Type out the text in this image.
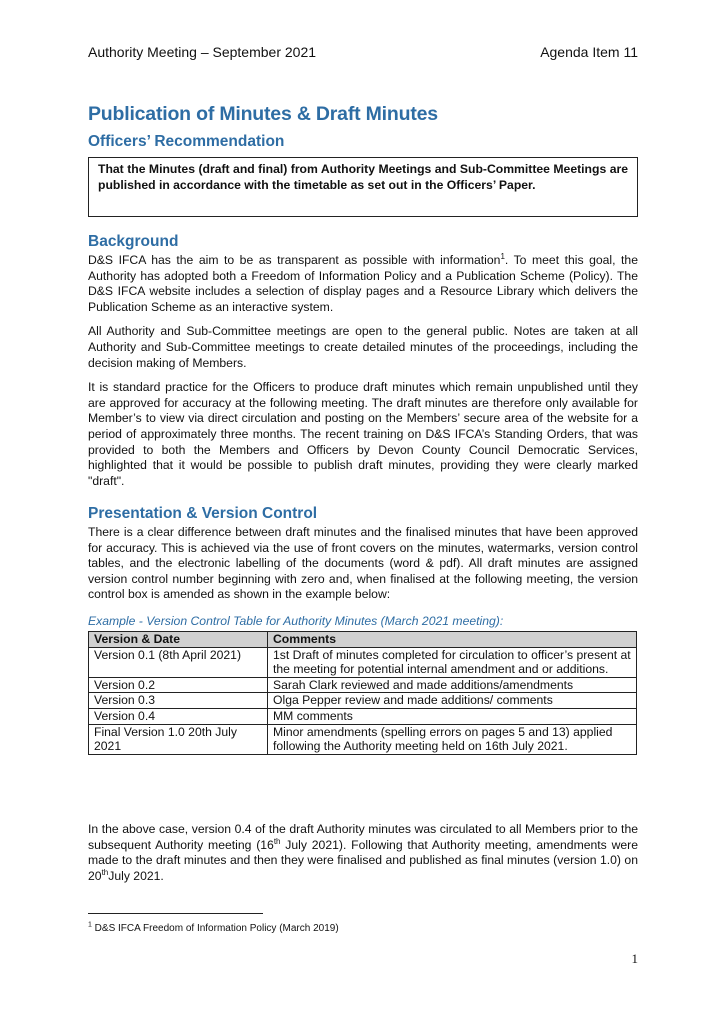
Authority Meeting – September 2021	Agenda Item 11
Publication of Minutes & Draft Minutes
Officers’ Recommendation
That the Minutes (draft and final) from Authority Meetings and Sub-Committee Meetings are published in accordance with the timetable as set out in the Officers’ Paper.
Background

D&S IFCA has the aim to be as transparent as possible with information$^1$. To meet this goal, the Authority has adopted both a Freedom of Information Policy and a Publication Scheme (Policy). The D&S IFCA website includes a selection of display pages and a Resource Library which delivers the Publication Scheme as an interactive system.

All Authority and Sub-Committee meetings are open to the general public. Notes are taken at all Authority and Sub-Committee meetings to create detailed minutes of the proceedings, including the decision making of Members.

It is standard practice for the Officers to produce draft minutes which remain unpublished until they are approved for accuracy at the following meeting. The draft minutes are therefore only available for Member’s to view via direct circulation and posting on the Members’ secure area of the website for a period of approximately three months. The recent training on D&S IFCA’s Standing Orders, that was provided to both the Members and Officers by Devon County Council Democratic Services, highlighted that it would be possible to publish draft minutes, providing they were clearly marked "draft".

Presentation & Version Control

There is a clear difference between draft minutes and the finalised minutes that have been approved for accuracy. This is achieved via the use of front covers on the minutes, watermarks, version control tables, and the electronic labelling of the documents (word & pdf). All draft minutes are assigned version control number beginning with zero and, when finalised at the following meeting, the version control box is amended as shown in the example below:

Example - Version Control Table for Authority Minutes (March 2021 meeting):

Version & Date	Comments
Version 0.1 (8th April 2021)	1st Draft of minutes completed for circulation to officer’s present at the meeting for potential internal amendment and or additions.
Version 0.2	Sarah Clark reviewed and made additions/amendments
Version 0.3	Olga Pepper review and made additions/ comments
Version 0.4	MM comments
Final Version 1.0 20th July 2021	Minor amendments (spelling errors on pages 5 and 13) applied following the Authority meeting held on 16th July 2021.

In the above case, version 0.4 of the draft Authority minutes was circulated to all Members prior to the subsequent Authority meeting (16th July 2021). Following that Authority meeting, amendments were made to the draft minutes and then they were finalised and published as final minutes (version 1.0) on 20thJuly 2021.

$^1$ D&S IFCA Freedom of Information Policy (March 2019)
1
